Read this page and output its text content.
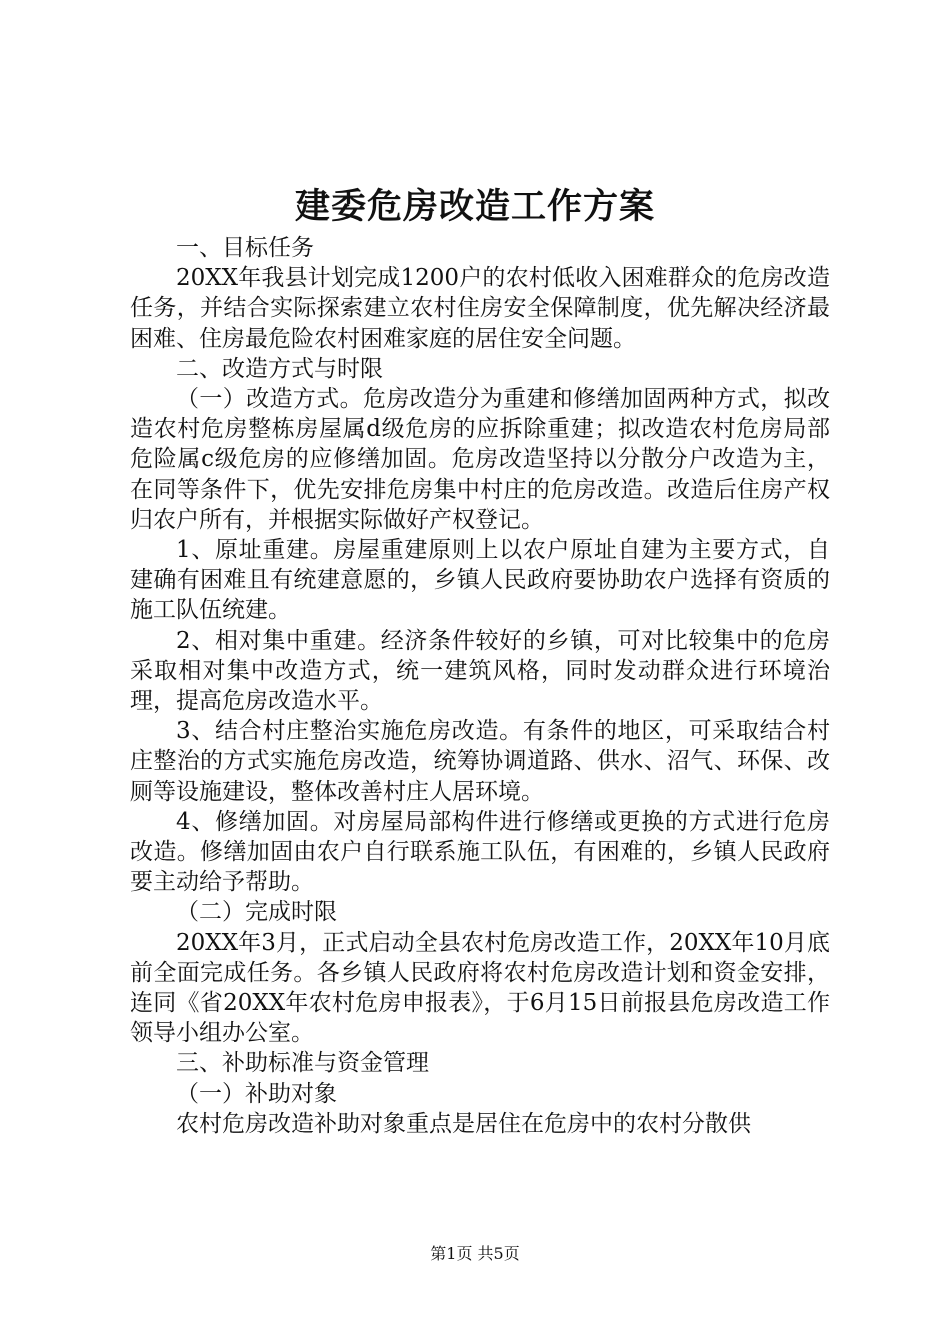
建委危房改造工作方案

一、目标任务

20XX年我县计划完成1200户的农村低收入困难群众的危房改造任务，并结合实际探索建立农村住房安全保障制度，优先解决经济最困难、住房最危险农村困难家庭的居住安全问题。

二、改造方式与时限

（一）改造方式。危房改造分为重建和修缮加固两种方式，拟改造农村危房整栋房屋属d级危房的应拆除重建；拟改造农村危房局部危险属c级危房的应修缮加固。危房改造坚持以分散分户改造为主，在同等条件下，优先安排危房集中村庄的危房改造。改造后住房产权归农户所有，并根据实际做好产权登记。

1、原址重建。房屋重建原则上以农户原址自建为主要方式，自建确有困难且有统建意愿的，乡镇人民政府要协助农户选择有资质的施工队伍统建。

2、相对集中重建。经济条件较好的乡镇，可对比较集中的危房采取相对集中改造方式，统一建筑风格，同时发动群众进行环境治理，提高危房改造水平。

3、结合村庄整治实施危房改造。有条件的地区，可采取结合村庄整治的方式实施危房改造，统筹协调道路、供水、沼气、环保、改厕等设施建设，整体改善村庄人居环境。

4、修缮加固。对房屋局部构件进行修缮或更换的方式进行危房改造。修缮加固由农户自行联系施工队伍，有困难的，乡镇人民政府要主动给予帮助。

（二）完成时限

20XX年3月，正式启动全县农村危房改造工作，20XX年10月底前全面完成任务。各乡镇人民政府将农村危房改造计划和资金安排，连同《省20XX年农村危房申报表》，于6月15日前报县危房改造工作领导小组办公室。

三、补助标准与资金管理

（一）补助对象

农村危房改造补助对象重点是居住在危房中的农村分散供

第1页 共5页
